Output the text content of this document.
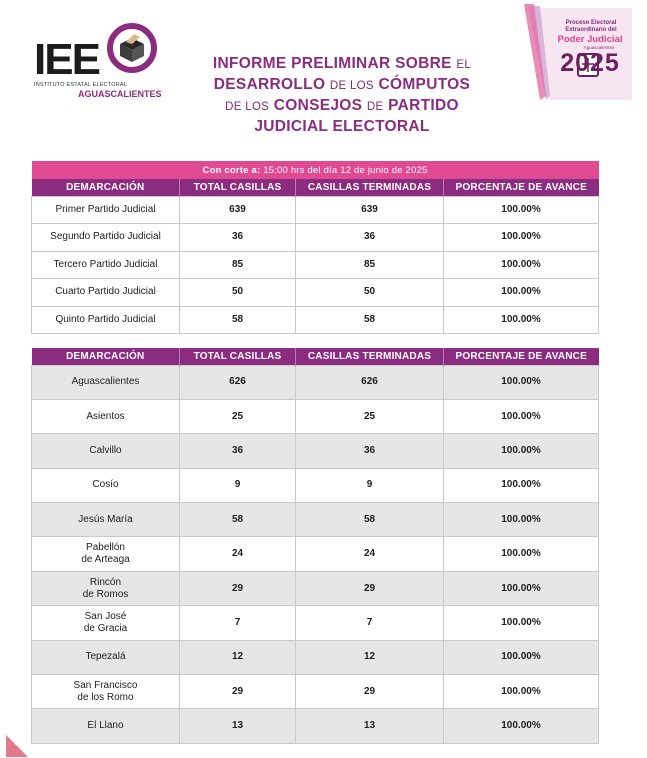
IEE
INSTITUTO ESTATAL ELECTORAL
AGUASCALIENTES
INFORME PRELIMINAR SOBRE EL
DESARROLLO DE LOS CÓMPUTOS
DE LOS CONSEJOS DE PARTIDO
JUDICIAL ELECTORAL
Proceso Electoral
Extraordinario del
Poder Judicial
Aguascalientes
2025
Con corte a: 15:00 hrs del día 12 de junio de 2025			
DEMARCACIÓN	TOTAL CASILLAS	CASILLAS TERMINADAS	PORCENTAJE DE AVANCE
Primer Partido Judicial	639	639	100.00%
Segundo Partido Judicial	36	36	100.00%
Tercero Partido Judicial	85	85	100.00%
Cuarto Partido Judicial	50	50	100.00%
Quinto Partido Judicial	58	58	100.00%
DEMARCACIÓN	TOTAL CASILLAS	CASILLAS TERMINADAS	PORCENTAJE DE AVANCE
Aguascalientes	626	626	100.00%
Asientos	25	25	100.00%
Calvillo	36	36	100.00%
Cosío	9	9	100.00%
Jesús María	58	58	100.00%
Pabellón
de Arteaga	24	24	100.00%
Rincón
de Romos	29	29	100.00%
San José
de Gracia	7	7	100.00%
Tepezalá	12	12	100.00%
San Francisco
de los Romo	29	29	100.00%
El Llano	13	13	100.00%
